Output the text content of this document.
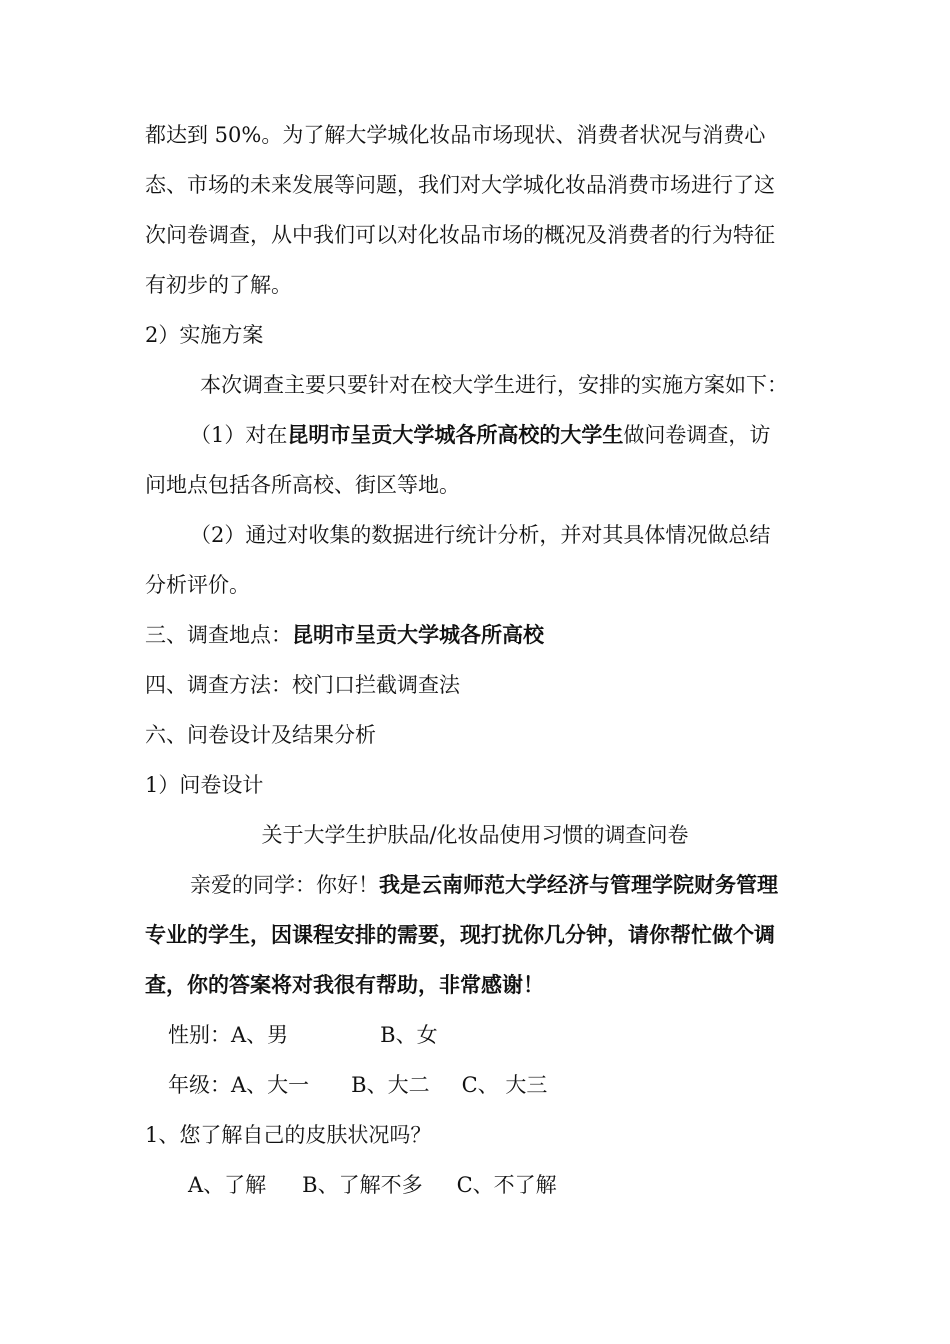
都达到 50%。为了解大学城化妆品市场现状、消费者状况与消费心
态、市场的未来发展等问题，我们对大学城化妆品消费市场进行了这
次问卷调查，从中我们可以对化妆品市场的概况及消费者的行为特征
有初步的了解。
2）实施方案
本次调查主要只要针对在校大学生进行，安排的实施方案如下：
（1）对在昆明市呈贡大学城各所高校的大学生做问卷调查，访
问地点包括各所高校、街区等地。
（2）通过对收集的数据进行统计分析，并对其具体情况做总结
分析评价。
三、调查地点：昆明市呈贡大学城各所高校
四、调查方法：校门口拦截调查法
六、问卷设计及结果分析
1）问卷设计
关于大学生护肤品/化妆品使用习惯的调查问卷
亲爱的同学：你好！我是云南师范大学经济与管理学院财务管理
专业的学生，因课程安排的需要，现打扰你几分钟，请你帮忙做个调
查，你的答案将对我很有帮助，非常感谢！
性别：A、男	B、女
年级：A、大一 B、大二 C、 大三
1、您了解自己的皮肤状况吗？
A、了解 B、了解不多 C、不了解
